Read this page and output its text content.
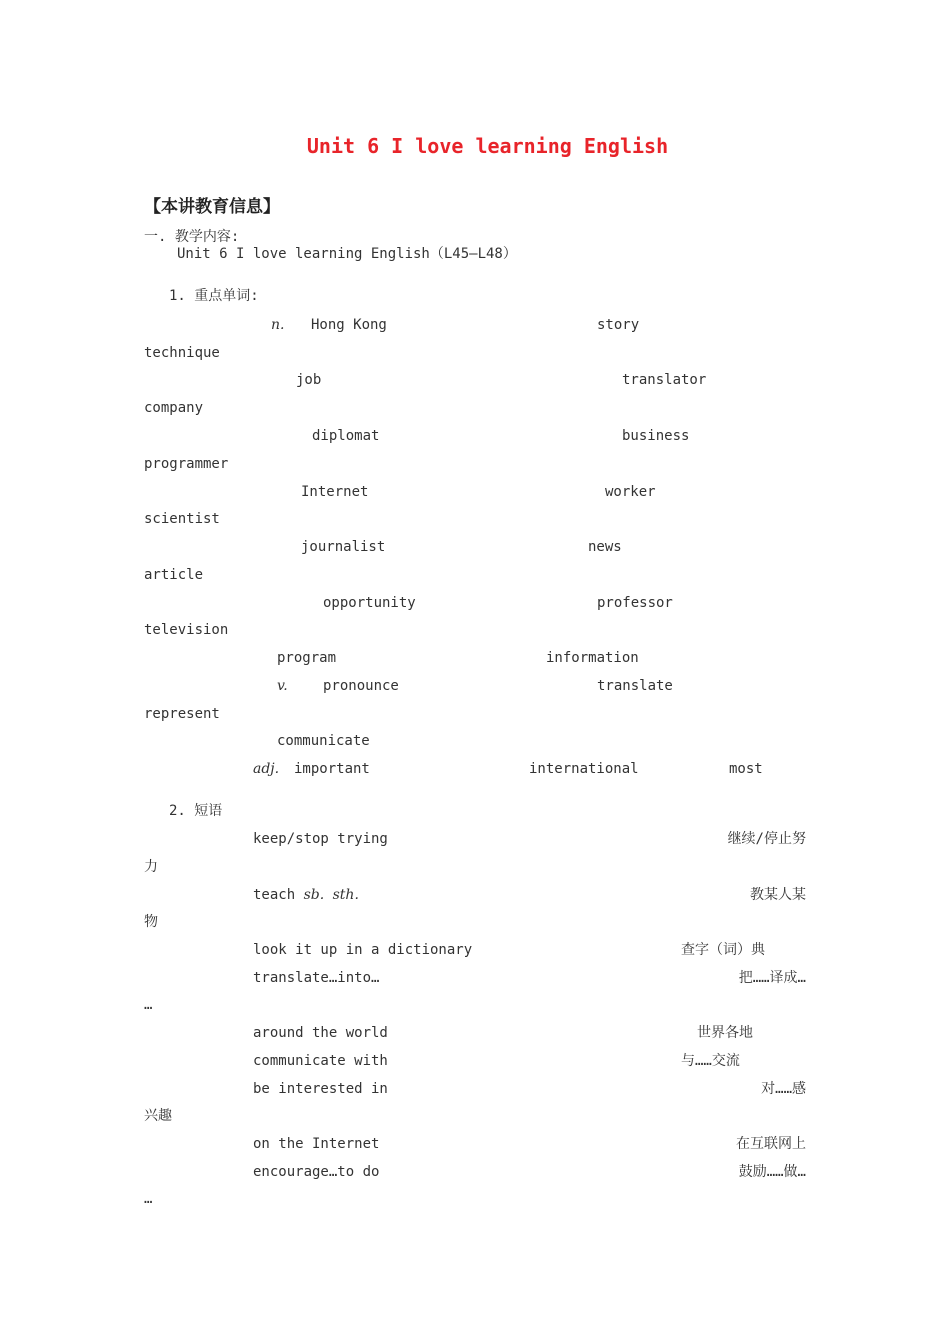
Unit 6 I love learning English
【本讲教育信息】
一. 教学内容:
Unit 6 I love learning English（L45—L48）
1. 重点单词:
n. Hong Kong	story
technique
job	translator
company
diplomat	business
programmer
Internet	worker
scientist
journalist	news
article
opportunity	professor
television
program	information
v.	pronounce	translate
represent
communicate
adj. important	international	most
2. 短语
keep/stop trying	继续/停止努
力
teach sb. sth.	教某人某
物
look it up in a dictionary	查字（词）典
translate…into…	把……译成…
…
around the world	世界各地
communicate with	与……交流
be interested in	对……感
兴趣
on the Internet	在互联网上
encourage…to do	鼓励……做…
…
